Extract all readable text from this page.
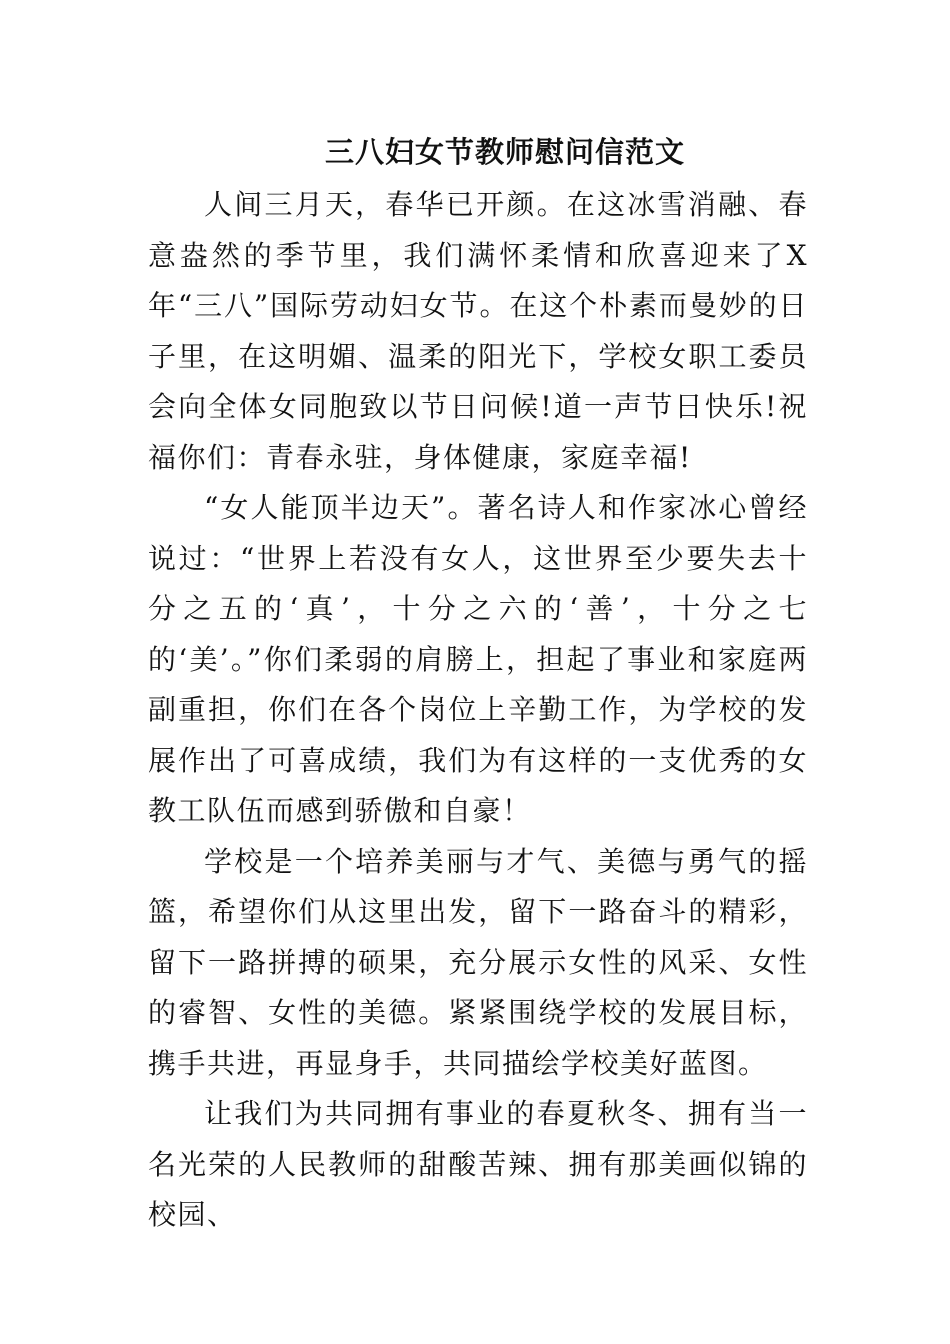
三八妇女节教师慰问信范文

人间三月天，春华已开颜。在这冰雪消融、春意盎然的季节里，我们满怀柔情和欣喜迎来了X年“三八”国际劳动妇女节。在这个朴素而曼妙的日子里，在这明媚、温柔的阳光下，学校女职工委员会向全体女同胞致以节日问候!道一声节日快乐!祝福你们：青春永驻，身体健康，家庭幸福!

“女人能顶半边天”。著名诗人和作家冰心曾经说过：“世界上若没有女人，这世界至少要失去十分之五的‘真’，十分之六的‘善’，十分之七的‘美’。”你们柔弱的肩膀上，担起了事业和家庭两副重担，你们在各个岗位上辛勤工作，为学校的发展作出了可喜成绩，我们为有这样的一支优秀的女教工队伍而感到骄傲和自豪！

学校是一个培养美丽与才气、美德与勇气的摇篮，希望你们从这里出发，留下一路奋斗的精彩，留下一路拼搏的硕果，充分展示女性的风采、女性的睿智、女性的美德。紧紧围绕学校的发展目标，携手共进，再显身手，共同描绘学校美好蓝图。

让我们为共同拥有事业的春夏秋冬、拥有当一名光荣的人民教师的甜酸苦辣、拥有那美画似锦的校园、
